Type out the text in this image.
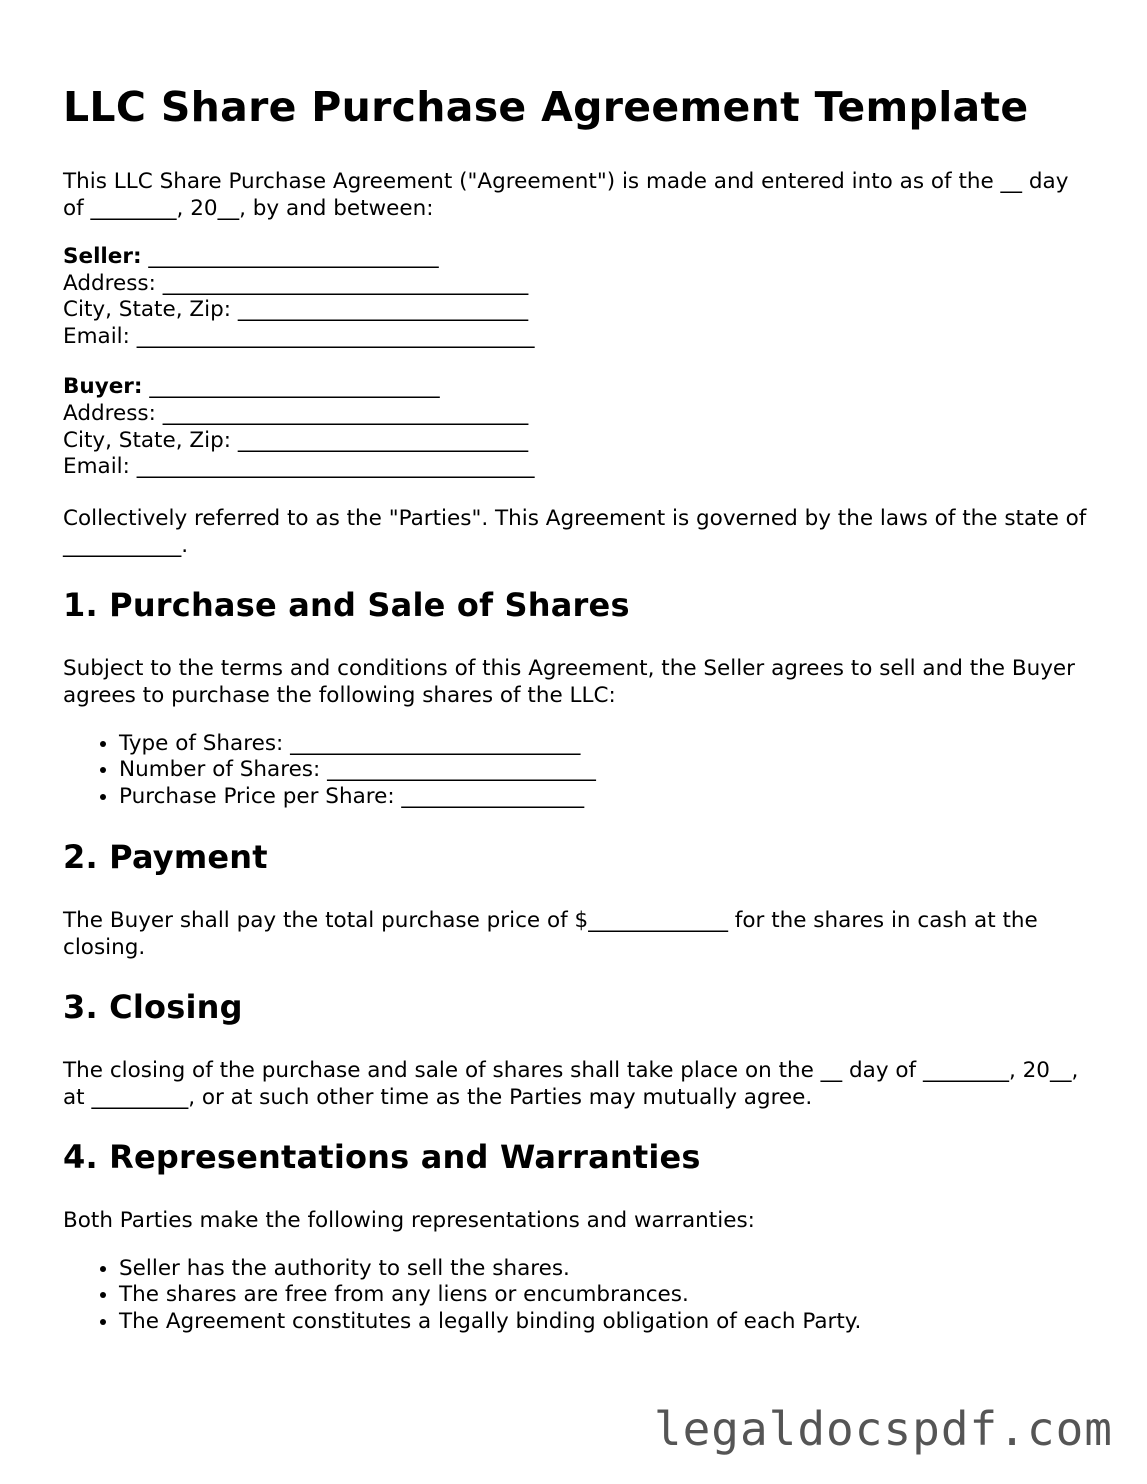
LLC Share Purchase Agreement Template

This LLC Share Purchase Agreement ("Agreement") is made and entered into as of the __ day of ________, 20__, by and between:

Seller: ___________________________
Address: __________________________________
City, State, Zip: ___________________________
Email: _____________________________________
Buyer: ___________________________
Address: __________________________________
City, State, Zip: ___________________________
Email: _____________________________________

Collectively referred to as the "Parties". This Agreement is governed by the laws of the state of ___________.

1. Purchase and Sale of Shares

Subject to the terms and conditions of this Agreement, the Seller agrees to sell and the Buyer agrees to purchase the following shares of the LLC:

• Type of Shares: ___________________________
• Number of Shares: _________________________
• Purchase Price per Share: _________________
2. Payment

The Buyer shall pay the total purchase price of $_____________ for the shares in cash at the closing.

3. Closing

The closing of the purchase and sale of shares shall take place on the __ day of ________, 20__, at _________, or at such other time as the Parties may mutually agree.

4. Representations and Warranties

Both Parties make the following representations and warranties:

• Seller has the authority to sell the shares.
• The shares are free from any liens or encumbrances.
• The Agreement constitutes a legally binding obligation of each Party.
legaldocspdf.com
